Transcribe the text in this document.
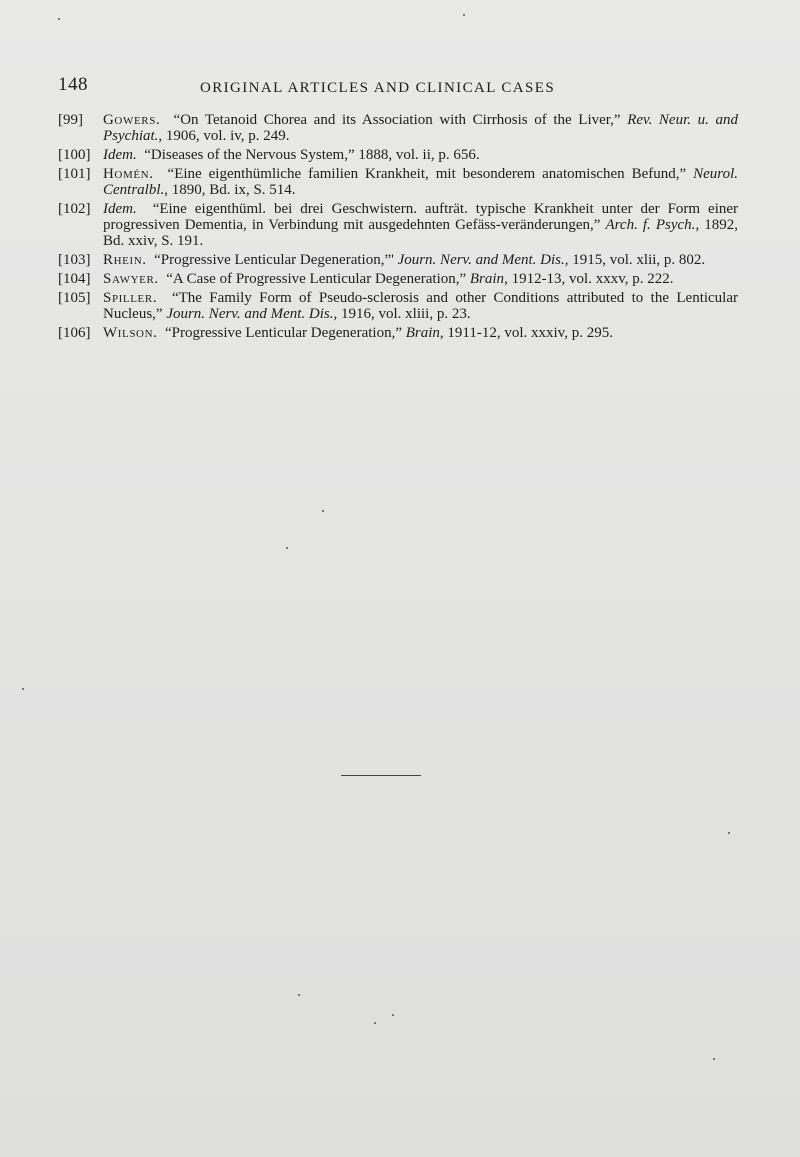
148	ORIGINAL ARTICLES AND CLINICAL CASES
[99] Gowers. “On Tetanoid Chorea and its Association with Cirrhosis of the Liver,” Rev. Neur. u. and Psychiat., 1906, vol. iv, p. 249.
[100] Idem. “Diseases of the Nervous System,” 1888, vol. ii, p. 656.
[101] Homén. “Eine eigenthümliche familien Krankheit, mit besonderem anatomischen Befund,” Neurol. Centralbl., 1890, Bd. ix, S. 514.
[102] Idem. “Eine eigenthüml. bei drei Geschwistern. aufträt. typische Krankheit unter der Form einer progressiven Dementia, in Verbindung mit ausgedehnten Gefäss-veränderungen,” Arch. f. Psych., 1892, Bd. xxiv, S. 191.
[103] Rhein. “Progressive Lenticular Degeneration,”' Journ. Nerv. and Ment. Dis., 1915, vol. xlii, p. 802.
[104] Sawyer. “A Case of Progressive Lenticular Degeneration,” Brain, 1912-13, vol. xxxv, p. 222.
[105] Spiller. “The Family Form of Pseudo-sclerosis and other Conditions attributed to the Lenticular Nucleus,” Journ. Nerv. and Ment. Dis., 1916, vol. xliii, p. 23.
[106] Wilson. “Progressive Lenticular Degeneration,” Brain, 1911-12, vol. xxxiv, p. 295.
